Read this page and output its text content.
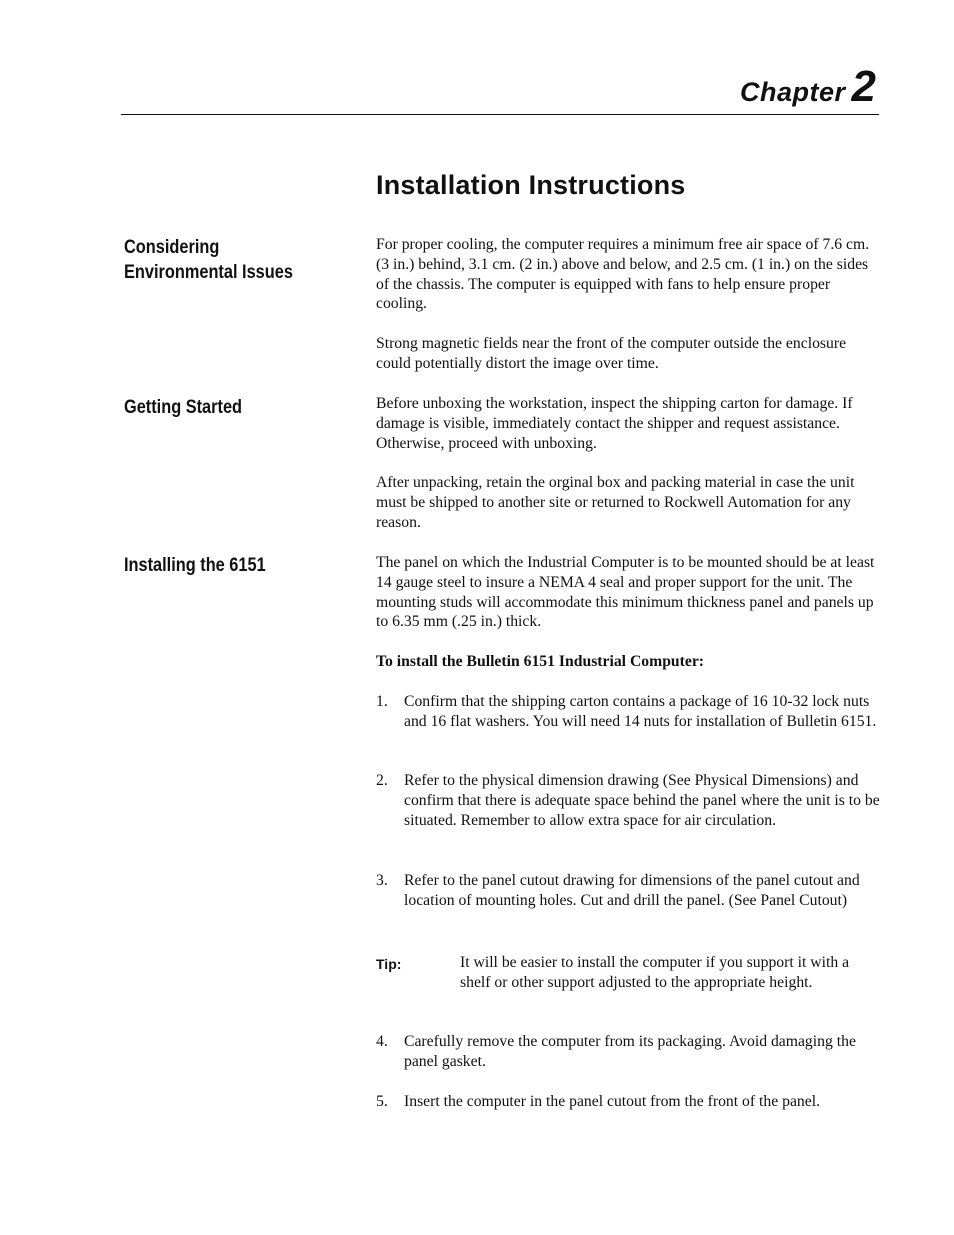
Chapter 2
Installation Instructions
Considering
Environmental Issues

For proper cooling, the computer requires a minimum free air space of 7.6 cm. (3 in.) behind, 3.1 cm. (2 in.) above and below, and 2.5 cm. (1 in.) on the sides of the chassis. The computer is equipped with fans to help ensure proper cooling.

Strong magnetic fields near the front of the computer outside the enclosure could potentially distort the image over time.

Getting Started	Before unboxing the workstation, inspect the shipping carton for damage. If damage is visible, immediately contact the shipper and request assistance. Otherwise, proceed with unboxing.

After unpacking, retain the orginal box and packing material in case the unit must be shipped to another site or returned to Rockwell Automation for any reason.

Installing the 6151	The panel on which the Industrial Computer is to be mounted should be at least 14 gauge steel to insure a NEMA 4 seal and proper support for the unit. The mounting studs will accommodate this minimum thickness panel and panels up to 6.35 mm (.25 in.) thick.

To install the Bulletin 6151 Industrial Computer:

1. Confirm that the shipping carton contains a package of 16 10-32 lock nuts and 16 flat washers. You will need 14 nuts for installation of Bulletin 6151.
2. Refer to the physical dimension drawing (See Physical Dimensions) and confirm that there is adequate space behind the panel where the unit is to be situated. Remember to allow extra space for air circulation.
3. Refer to the panel cutout drawing for dimensions of the panel cutout and location of mounting holes. Cut and drill the panel. (See Panel Cutout)
Tip:	It will be easier to install the computer if you support it with a shelf or other support adjusted to the appropriate height.

4. Carefully remove the computer from its packaging. Avoid damaging the panel gasket.
5. Insert the computer in the panel cutout from the front of the panel.
